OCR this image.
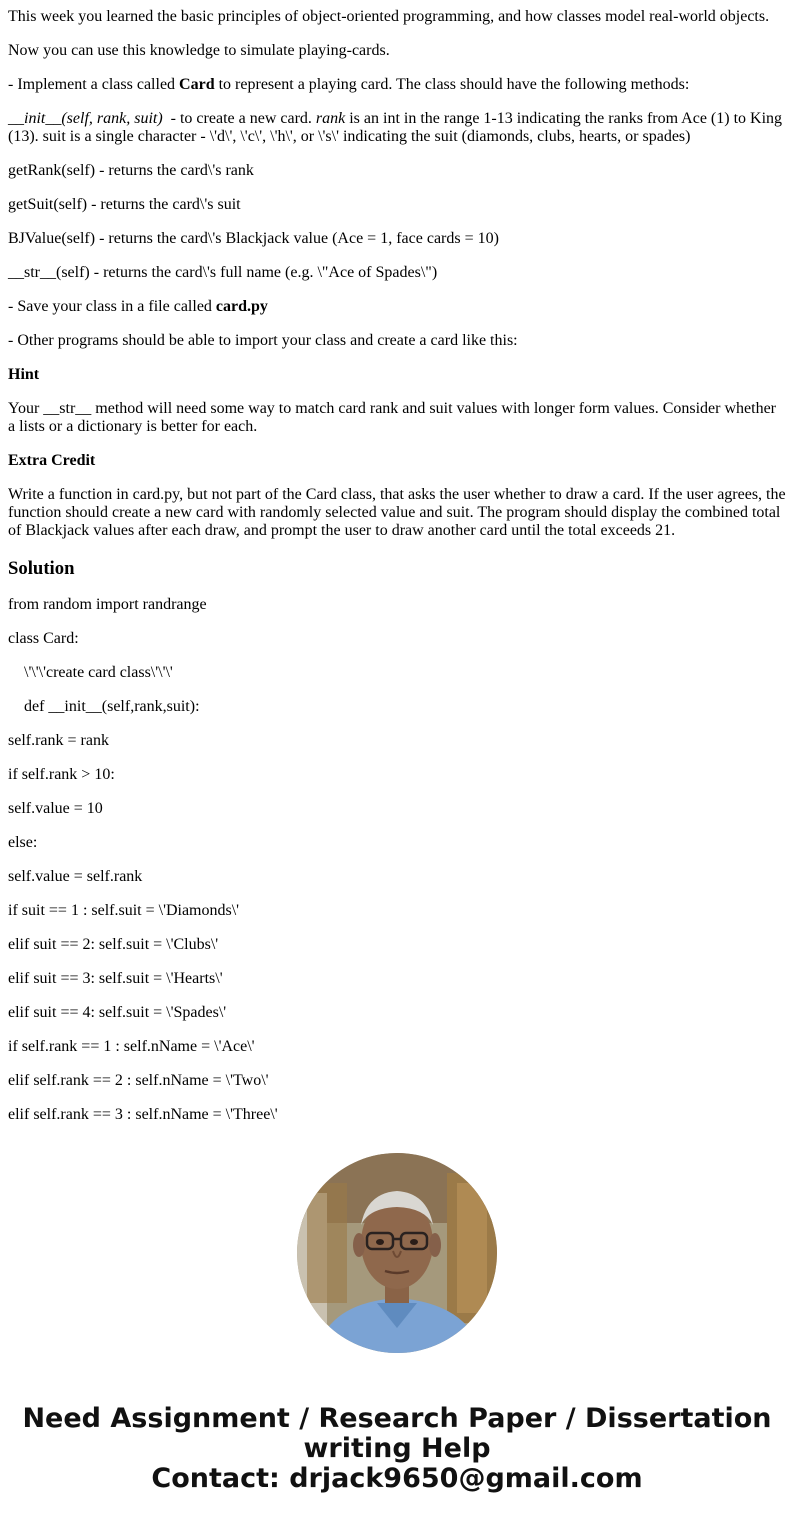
This week you learned the basic principles of object-oriented programming, and how classes model real-world objects.

Now you can use this knowledge to simulate playing-cards.

- Implement a class called Card to represent a playing card. The class should have the following methods:

__init__(self, rank, suit)  - to create a new card. rank is an int in the range 1-13 indicating the ranks from Ace (1) to King (13). suit is a single character - \'d\', \'c\', \'h\', or \'s\' indicating the suit (diamonds, clubs, hearts, or spades)

getRank(self) - returns the card\'s rank

getSuit(self) - returns the card\'s suit

BJValue(self) - returns the card\'s Blackjack value (Ace = 1, face cards = 10)

__str__(self) - returns the card\'s full name (e.g. \"Ace of Spades\")

- Save your class in a file called card.py

- Other programs should be able to import your class and create a card like this:

Hint

Your __str__ method will need some way to match card rank and suit values with longer form values. Consider whether a lists or a dictionary is better for each.

Extra Credit

Write a function in card.py, but not part of the Card class, that asks the user whether to draw a card. If the user agrees, the function should create a new card with randomly selected value and suit. The program should display the combined total of Blackjack values after each draw, and prompt the user to draw another card until the total exceeds 21.

Solution

from random import randrange

class Card:

\'\'\'create card class\'\'\'

def __init__(self,rank,suit):

self.rank = rank

if self.rank > 10:

self.value = 10

else:

self.value = self.rank

if suit == 1 : self.suit = \'Diamonds\'

elif suit == 2: self.suit = \'Clubs\'

elif suit == 3: self.suit = \'Hearts\'

elif suit == 4: self.suit = \'Spades\'

if self.rank == 1 : self.nName = \'Ace\'

elif self.rank == 2 : self.nName = \'Two\'

elif self.rank == 3 : self.nName = \'Three\'

Need Assignment / Research Paper / Dissertation
writing Help
Contact: drjack9650@gmail.com
